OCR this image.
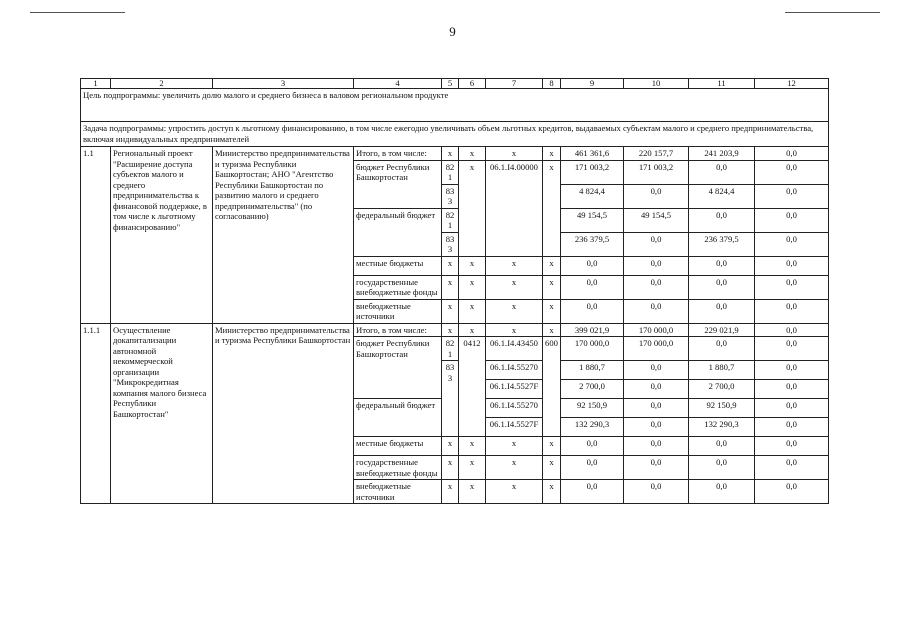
9
1	2	3	4	5	6	7	8	9	10	11	12
Цель подпрограммы: увеличить долю малого и среднего бизнеса в валовом региональном продукте											
Задача подпрограммы: упростить доступ к льготному финансированию, в том числе ежегодно увеличивать объем льготных кредитов, выдаваемых субъектам малого и среднего предпринимательства, включая индивидуальных предпринимателей											
1.1	Региональный проект "Расширение доступа субъектов малого и среднего предпринимательства к финансовой поддержке, в том числе к льготному финансированию"	Министерство предпринимательства и туризма Республики Башкортостан; АНО "Агентство Республики Башкортостан по развитию малого и среднего предпринимательства" (по согласованию)	Итого, в том числе:	x	x	x	x	461 361,6	220 157,7	241 203,9	0,0
			бюджет Республики Башкортостан	821	x	06.1.I4.00000	x	171 003,2	171 003,2	0,0	0,0
				833				4 824,4	0,0	4 824,4	0,0
			федеральный бюджет	821				49 154,5	49 154,5	0,0	0,0
				833				236 379,5	0,0	236 379,5	0,0
			местные бюджеты	x	x	x	x	0,0	0,0	0,0	0,0
			государственные внебюджетные фонды	x	x	x	x	0,0	0,0	0,0	0,0
			внебюджетные источники	x	x	x	x	0,0	0,0	0,0	0,0
1.1.1	Осуществление докапитализации автономной некоммерческой организации "Микрокредитная компания малого бизнеса Республики Башкортостан"	Министерство предпринимательства и туризма Республики Башкортостан	Итого, в том числе:	x	x	x	x	399 021,9	170 000,0	229 021,9	0,0
			бюджет Республики Башкортостан	821	0412	06.1.I4.43450	600	170 000,0	170 000,0	0,0	0,0
				833		06.1.I4.55270		1 880,7	0,0	1 880,7	0,0
						06.1.I4.5527F		2 700,0	0,0	2 700,0	0,0
			федеральный бюджет			06.1.I4.55270		92 150,9	0,0	92 150,9	0,0
						06.1.I4.5527F		132 290,3	0,0	132 290,3	0,0
			местные бюджеты	x	x	x	x	0,0	0,0	0,0	0,0
			государственные внебюджетные фонды	x	x	x	x	0,0	0,0	0,0	0,0
			внебюджетные источники	x	x	x	x	0,0	0,0	0,0	0,0
